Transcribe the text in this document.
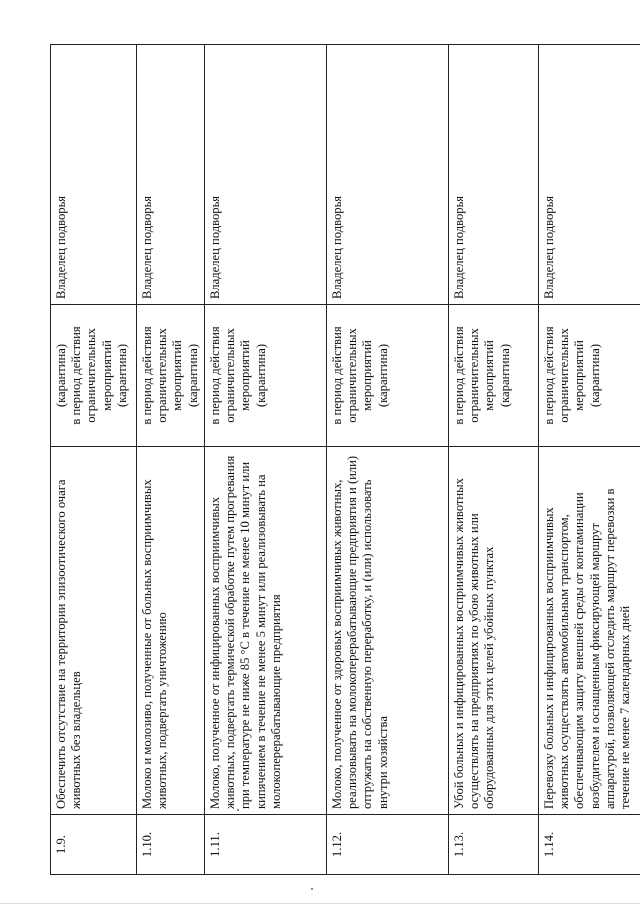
1.9.	Обеспечить отсутствие на территории эпизоотического очага животных без владельцев	(карантина) в период действия ограничительных мероприятий (карантина)	Владелец подворья
1.10.	Молоко и молозиво, полученные от больных восприимчивых животных, подвергать уничтожению	в период действия ограничительных мероприятий (карантина)	Владелец подворья
1.11.	Молоко, полученное от инфицированных восприимчивых животных, подвергать термической обработке путем прогревания при температуре не ниже 85 °С в течение не менее 10 минут или кипячением в течение не менее 5 минут или реализовывать на молокоперерабатывающие предприятия	в период действия ограничительных мероприятий (карантина)	Владелец подворья
1.12.	Молоко, полученное от здоровых восприимчивых животных, реализовывать на молокоперерабатывающие предприятия и (или) отгружать на собственную переработку, и (или) использовать внутри хозяйства	в период действия ограничительных мероприятий (карантина)	Владелец подворья
1.13.	Убой больных и инфицированных восприимчивых животных осуществлять на предприятиях по убою животных или оборудованных для этих целей убойных пунктах	в период действия ограничительных мероприятий (карантина)	Владелец подворья
1.14.	Перевозку больных и инфицированных восприимчивых животных осуществлять автомобильным транспортом, обеспечивающим защиту внешней среды от контаминации возбудителем и оснащенным фиксирующей маршрут аппаратурой, позволяющей отследить маршрут перевозки в течение не менее 7 календарных дней	в период действия ограничительных мероприятий (карантина)	Владелец подворья
